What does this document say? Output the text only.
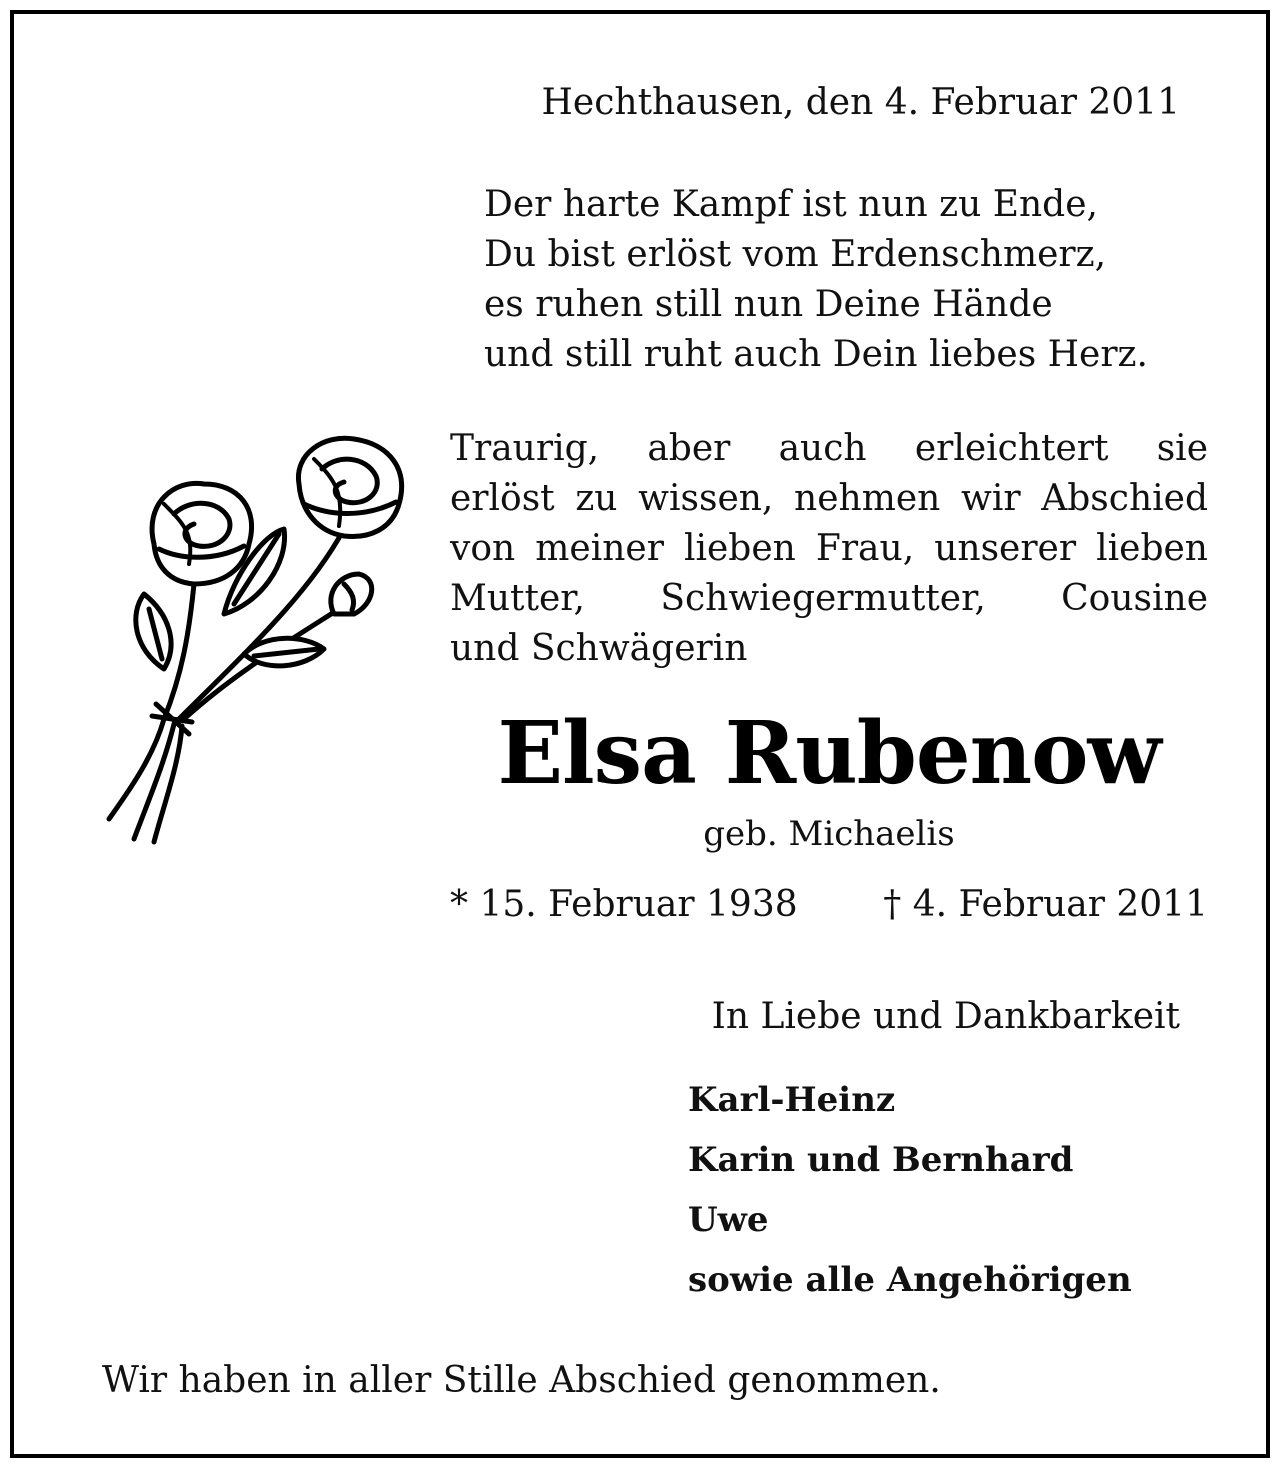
Hechthausen, den 4. Februar 2011
Der harte Kampf ist nun zu Ende,
Du bist erlöst vom Erdenschmerz,
es ruhen still nun Deine Hände
und still ruht auch Dein liebes Herz.
Traurig, aber auch erleichtert sie
erlöst zu wissen, nehmen wir Abschied
von meiner lieben Frau, unserer lieben
Mutter, Schwiegermutter, Cousine
und Schwägerin
Elsa Rubenow
geb. Michaelis
* 15. Februar 1938 † 4. Februar 2011
In Liebe und Dankbarkeit
Karl-Heinz
Karin und Bernhard
Uwe
sowie alle Angehörigen
Wir haben in aller Stille Abschied genommen.
